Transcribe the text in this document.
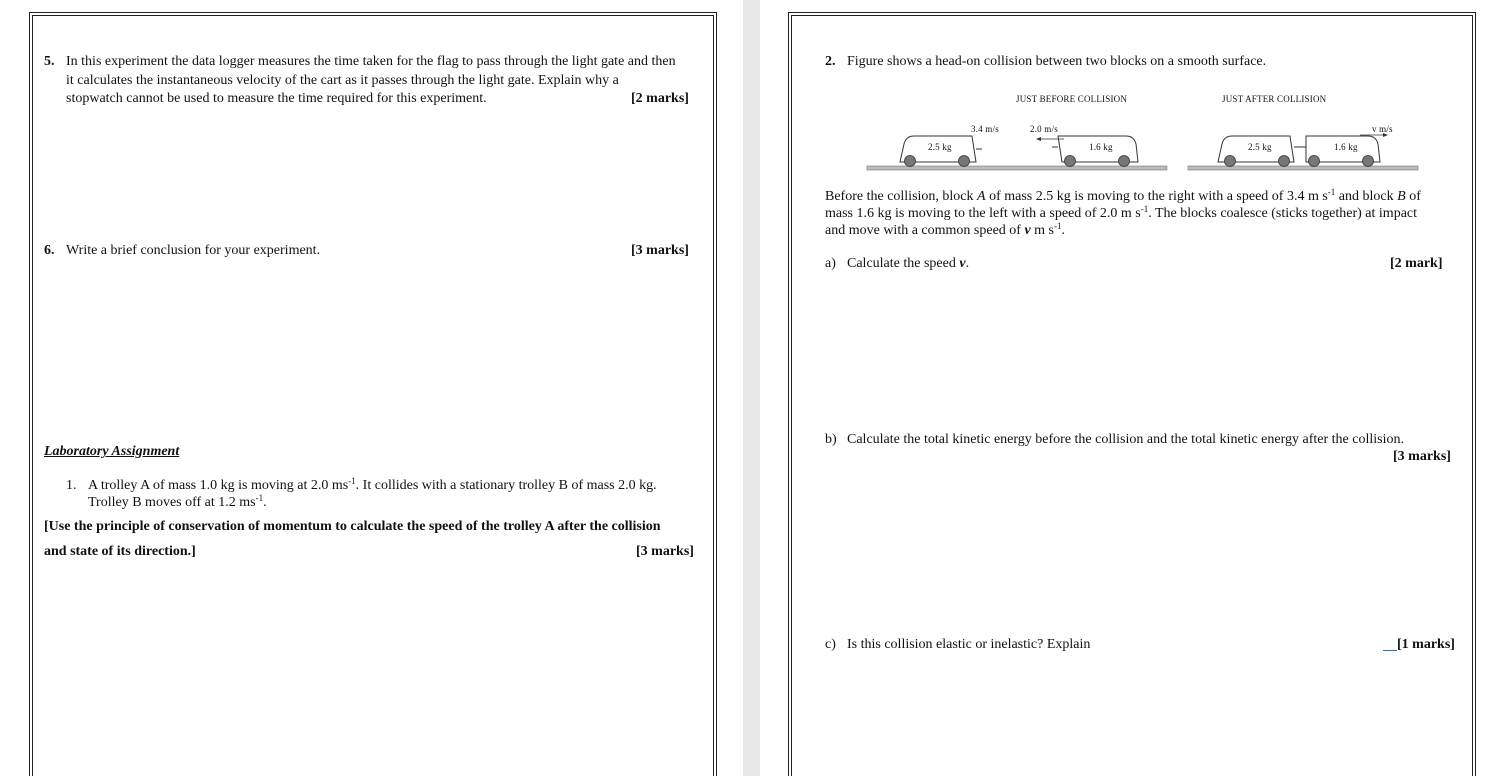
5. In this experiment the data logger measures the time taken for the flag to pass through the light gate and then
it calculates the instantaneous velocity of the cart as it passes through the light gate. Explain why a
stopwatch cannot be used to measure the time required for this experiment.	[2 marks]
6. Write a brief conclusion for your experiment.	[3 marks]
Laboratory Assignment
1. A trolley A of mass 1.0 kg is moving at 2.0 $ms^{-1}$. It collides with a stationary trolley B of mass 2.0 kg.
Trolley B moves off at 1.2 $ms^{-1}$.
[Use the principle of conservation of momentum to calculate the speed of the trolley A after the collision
and state of its direction.]	[3 marks]
2. Figure shows a head-on collision between two blocks on a smooth surface.
JUST BEFORE COLLISION	JUST AFTER COLLISION
3.4 m/s	2.0 m/s	v m/s
2.5 kg	1.6 kg	2.5 kg	1.6 kg
Before the collision, block A of mass 2.5 kg is moving to the right with a speed of 3.4 m $s^{-1}$ and block B of
mass 1.6 kg is moving to the left with a speed of 2.0 m $s^{-1}$. The blocks coalesce (sticks together) at impact
and move with a common speed of v m $s^{-1}$.
a) Calculate the speed v.	[2 mark]
b) Calculate the total kinetic energy before the collision and the total kinetic energy after the collision.
[3 marks]
c) Is this collision elastic or inelastic? Explain	[1 marks]
